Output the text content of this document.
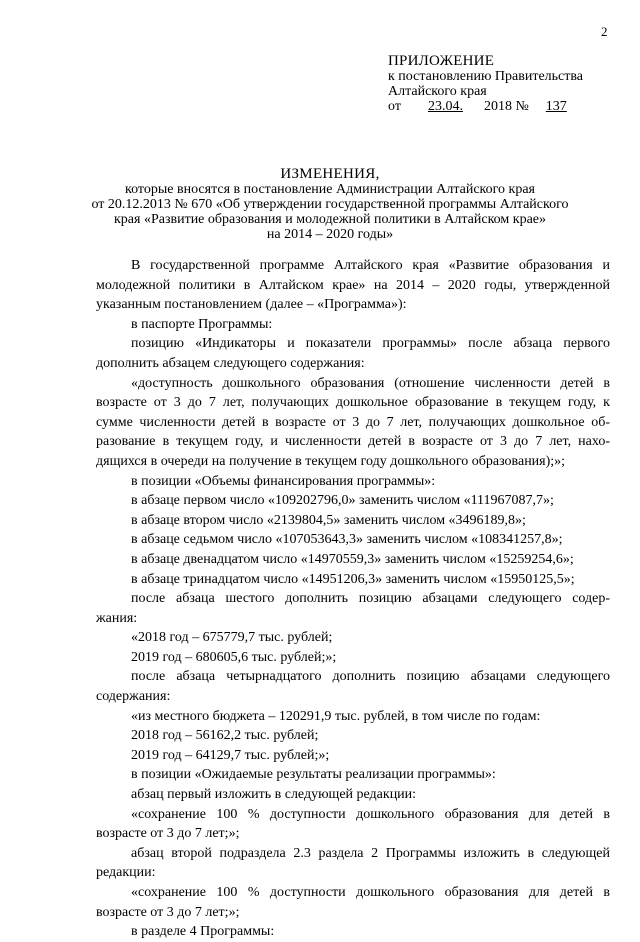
2
ПРИЛОЖЕНИЕ
к постановлению Правительства
Алтайского края
от 23.04. 2018 № 137
ИЗМЕНЕНИЯ,
которые вносятся в постановление Администрации Алтайского края
от 20.12.2013 № 670 «Об утверждении государственной программы Алтайского
края «Развитие образования и молодежной политики в Алтайском крае»
на 2014 – 2020 годы»
В государственной программе Алтайского края «Развитие образования и
молодежной политики в Алтайском крае» на 2014 – 2020 годы, утвержденной
указанным постановлением (далее – «Программа»):
в паспорте Программы:
позицию «Индикаторы и показатели программы» после абзаца первого
дополнить абзацем следующего содержания:
«доступность дошкольного образования (отношение численности детей в
возрасте от 3 до 7 лет, получающих дошкольное образование в текущем году, к
сумме численности детей в возрасте от 3 до 7 лет, получающих дошкольное об-
разование в текущем году, и численности детей в возрасте от 3 до 7 лет, нахо-
дящихся в очереди на получение в текущем году дошкольного образования);»;
в позиции «Объемы финансирования программы»:
в абзаце первом число «109202796,0» заменить числом «111967087,7»;
в абзаце втором число «2139804,5» заменить числом «3496189,8»;
в абзаце седьмом число «107053643,3» заменить числом «108341257,8»;
в абзаце двенадцатом число «14970559,3» заменить числом «15259254,6»;
в абзаце тринадцатом число «14951206,3» заменить числом «15950125,5»;
после абзаца шестого дополнить позицию абзацами следующего содер-
жания:
«2018 год – 675779,7 тыс. рублей;
2019 год – 680605,6 тыс. рублей;»;
после абзаца четырнадцатого дополнить позицию абзацами следующего
содержания:
«из местного бюджета – 120291,9 тыс. рублей, в том числе по годам:
2018 год – 56162,2 тыс. рублей;
2019 год – 64129,7 тыс. рублей;»;
в позиции «Ожидаемые результаты реализации программы»:
абзац первый изложить в следующей редакции:
«сохранение 100 % доступности дошкольного образования для детей в
возрасте от 3 до 7 лет;»;
абзац второй подраздела 2.3 раздела 2 Программы изложить в следующей
редакции:
«сохранение 100 % доступности дошкольного образования для детей в
возрасте от 3 до 7 лет;»;
в разделе 4 Программы:
